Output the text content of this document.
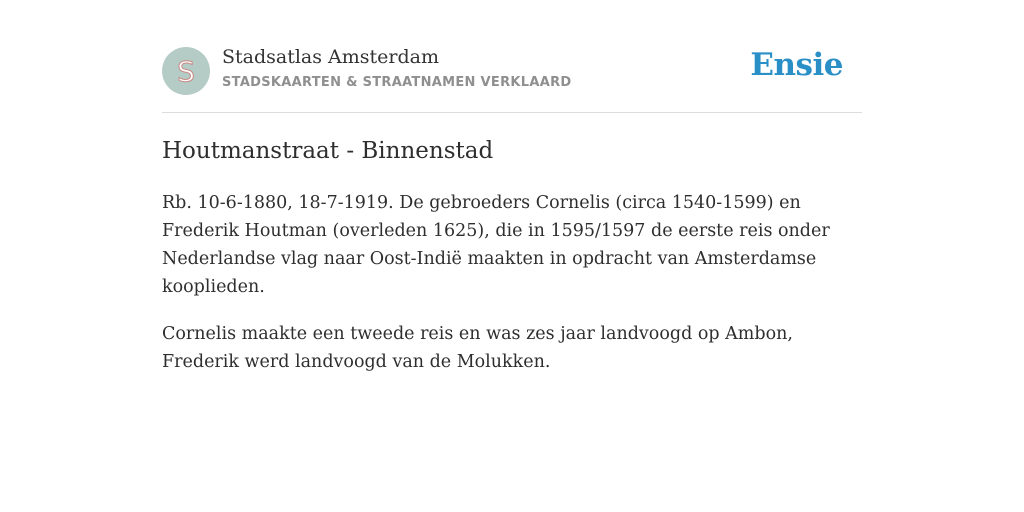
S Stadsatlas Amsterdam
STADSKAARTEN & STRAATNAMEN VERKLAARD	Ensie
Houtmanstraat - Binnenstad

Rb. 10-6-1880, 18-7-1919. De gebroeders Cornelis (circa 1540-1599) en Frederik Houtman (overleden 1625), die in 1595/1597 de eerste reis onder Nederlandse vlag naar Oost-Indië maakten in opdracht van Amsterdamse kooplieden.

Cornelis maakte een tweede reis en was zes jaar landvoogd op Ambon, Frederik werd landvoogd van de Molukken.
